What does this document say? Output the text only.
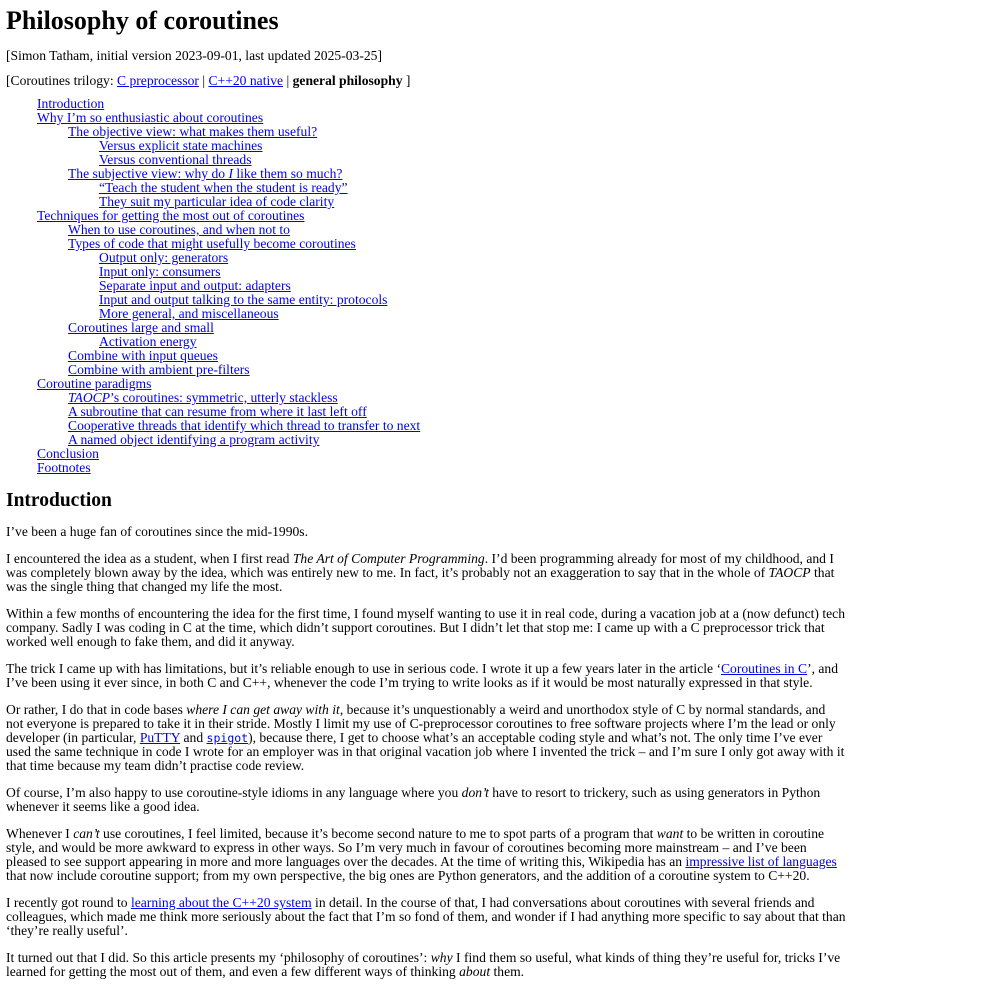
Philosophy of coroutines

[Simon Tatham, initial version 2023-09-01, last updated 2025-03-25]

[Coroutines trilogy: C preprocessor | C++20 native | general philosophy ]

Introduction
Why I’m so enthusiastic about coroutines
The objective view: what makes them useful?
Versus explicit state machines
Versus conventional threads
The subjective view: why do I like them so much?
“Teach the student when the student is ready”
They suit my particular idea of code clarity
Techniques for getting the most out of coroutines
When to use coroutines, and when not to
Types of code that might usefully become coroutines
Output only: generators
Input only: consumers
Separate input and output: adapters
Input and output talking to the same entity: protocols
More general, and miscellaneous
Coroutines large and small
Activation energy
Combine with input queues
Combine with ambient pre-filters
Coroutine paradigms
TAOCP’s coroutines: symmetric, utterly stackless
A subroutine that can resume from where it last left off
Cooperative threads that identify which thread to transfer to next
A named object identifying a program activity
Conclusion
Footnotes
Introduction

I’ve been a huge fan of coroutines since the mid-1990s.

I encountered the idea as a student, when I first read The Art of Computer Programming. I’d been programming already for most of my childhood, and I was completely blown away by the idea, which was entirely new to me. In fact, it’s probably not an exaggeration to say that in the whole of TAOCP that was the single thing that changed my life the most.

Within a few months of encountering the idea for the first time, I found myself wanting to use it in real code, during a vacation job at a (now defunct) tech company. Sadly I was coding in C at the time, which didn’t support coroutines. But I didn’t let that stop me: I came up with a C preprocessor trick that worked well enough to fake them, and did it anyway.

The trick I came up with has limitations, but it’s reliable enough to use in serious code. I wrote it up a few years later in the article ‘Coroutines in C’, and I’ve been using it ever since, in both C and C++, whenever the code I’m trying to write looks as if it would be most naturally expressed in that style.

Or rather, I do that in code bases where I can get away with it, because it’s unquestionably a weird and unorthodox style of C by normal standards, and not everyone is prepared to take it in their stride. Mostly I limit my use of C-preprocessor coroutines to free software projects where I’m the lead or only developer (in particular, PuTTY and spigot), because there, I get to choose what’s an acceptable coding style and what’s not. The only time I’ve ever used the same technique in code I wrote for an employer was in that original vacation job where I invented the trick – and I’m sure I only got away with it that time because my team didn’t practise code review.

Of course, I’m also happy to use coroutine-style idioms in any language where you don’t have to resort to trickery, such as using generators in Python whenever it seems like a good idea.

Whenever I can’t use coroutines, I feel limited, because it’s become second nature to me to spot parts of a program that want to be written in coroutine style, and would be more awkward to express in other ways. So I’m very much in favour of coroutines becoming more mainstream – and I’ve been pleased to see support appearing in more and more languages over the decades. At the time of writing this, Wikipedia has an impressive list of languages that now include coroutine support; from my own perspective, the big ones are Python generators, and the addition of a coroutine system to C++20.

I recently got round to learning about the C++20 system in detail. In the course of that, I had conversations about coroutines with several friends and colleagues, which made me think more seriously about the fact that I’m so fond of them, and wonder if I had anything more specific to say about that than ‘they’re really useful’.

It turned out that I did. So this article presents my ‘philosophy of coroutines’: why I find them so useful, what kinds of thing they’re useful for, tricks I’ve learned for getting the most out of them, and even a few different ways of thinking about them.
